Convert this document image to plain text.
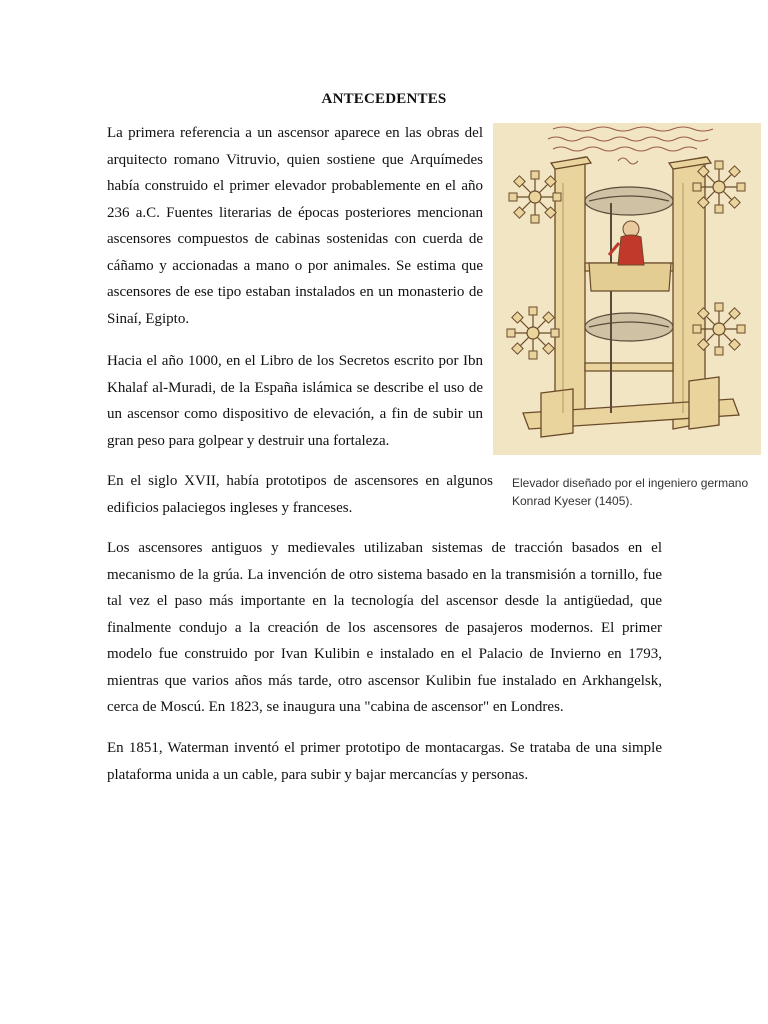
ANTECEDENTES

La primera referencia a un ascensor aparece en las obras del arquitecto romano Vitruvio, quien sostiene que Arquímedes había construido el primer elevador probablemente en el año 236 a.C. Fuentes literarias de épocas posteriores mencionan ascensores compuestos de cabinas sostenidas con cuerda de cáñamo y accionadas a mano o por animales. Se estima que ascensores de ese tipo estaban instalados en un monasterio de Sinaí, Egipto.

Hacia el año 1000, en el Libro de los Secretos escrito por Ibn Khalaf al-Muradi, de la España islámica se describe el uso de un ascensor como dispositivo de elevación, a fin de subir un gran peso para golpear y destruir una fortaleza.

En el siglo XVII, había prototipos de ascensores en algunos edificios palaciegos ingleses y franceses.

Los ascensores antiguos y medievales utilizaban sistemas de tracción basados en el mecanismo de la grúa. La invención de otro sistema basado en la transmisión a tornillo, fue tal vez el paso más importante en la tecnología del ascensor desde la antigüedad, que finalmente condujo a la creación de los ascensores de pasajeros modernos. El primer modelo fue construido por Ivan Kulibin e instalado en el Palacio de Invierno en 1793, mientras que varios años más tarde, otro ascensor Kulibin fue instalado en Arkhangelsk, cerca de Moscú. En 1823, se inaugura una "cabina de ascensor" en Londres.

En 1851, Waterman inventó el primer prototipo de montacargas. Se trataba de una simple plataforma unida a un cable, para subir y bajar mercancías y personas.

Elevador diseñado por el ingeniero germano Konrad Kyeser (1405).
